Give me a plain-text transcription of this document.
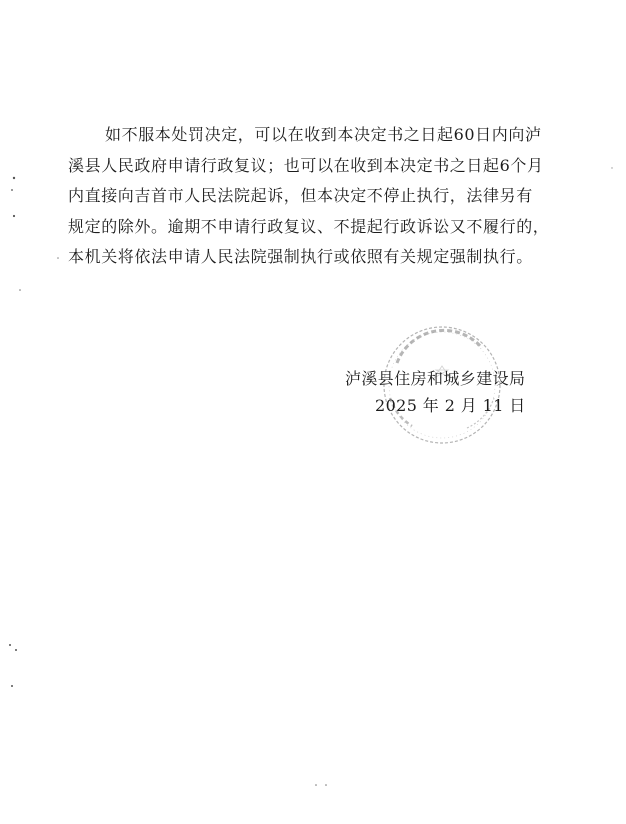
如不服本处罚决定，可以在收到本决定书之日起60日内向泸
溪县人民政府申请行政复议；也可以在收到本决定书之日起6个月
内直接向吉首市人民法院起诉，但本决定不停止执行，法律另有
规定的除外。逾期不申请行政复议、不提起行政诉讼又不履行的，
本机关将依法申请人民法院强制执行或依照有关规定强制执行。
泸溪县住房和城乡建设局
2025 年 2 月 11 日
